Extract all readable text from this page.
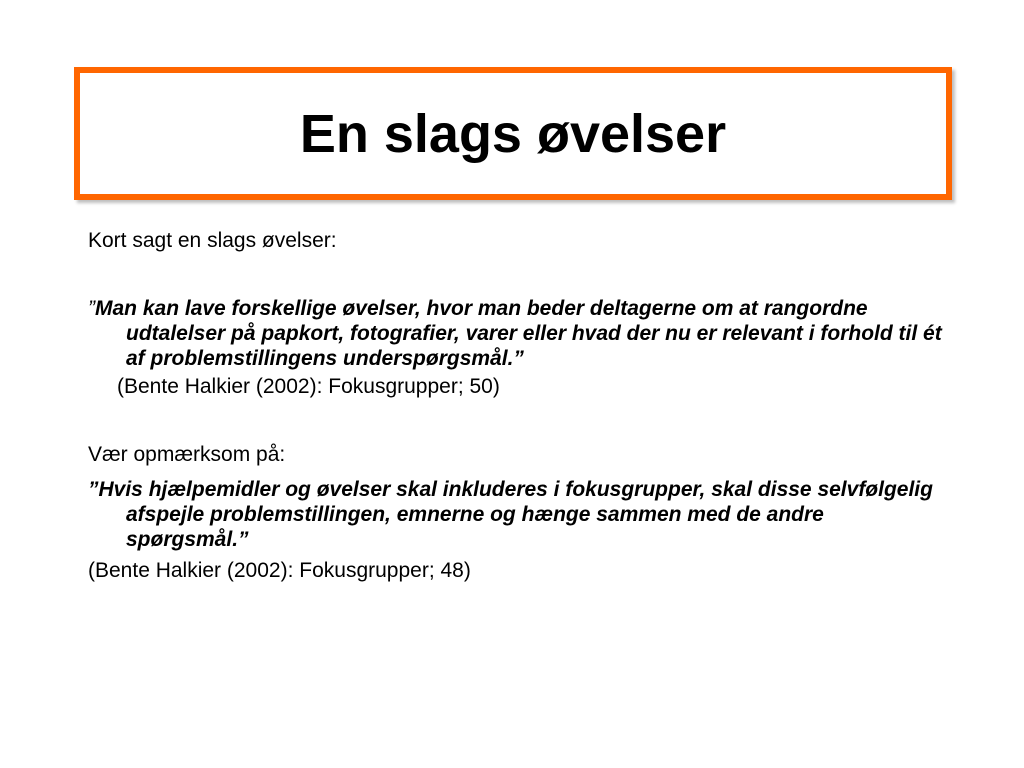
En slags øvelser

Kort sagt en slags øvelser:

”Man kan lave forskellige øvelser, hvor man beder deltagerne om at rangordne udtalelser på papkort, fotografier, varer eller hvad der nu er relevant i forhold til ét af problemstillingens underspørgsmål.”

(Bente Halkier (2002): Fokusgrupper; 50)

Vær opmærksom på:

”Hvis hjælpemidler og øvelser skal inkluderes i fokusgrupper, skal disse selvfølgelig afspejle problemstillingen, emnerne og hænge sammen med de andre spørgsmål.”

(Bente Halkier (2002): Fokusgrupper; 48)
